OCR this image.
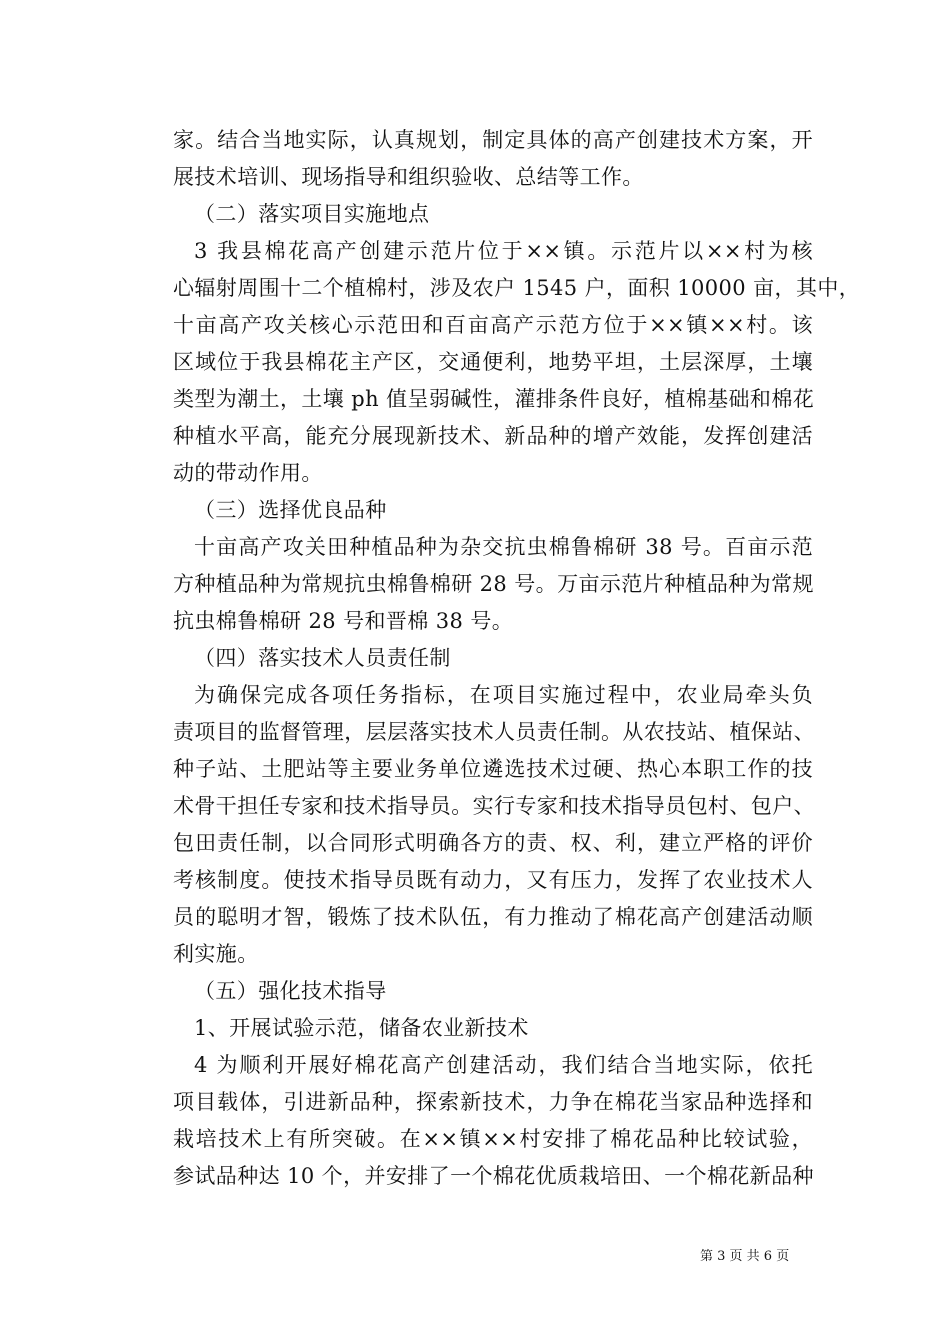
家。结合当地实际，认真规划，制定具体的高产创建技术方案，开
展技术培训、现场指导和组织验收、总结等工作。
（二）落实项目实施地点
3 我县棉花高产创建示范片位于××镇。示范片以××村为核
心辐射周围十二个植棉村，涉及农户 1545 户，面积 10000 亩，其中，
十亩高产攻关核心示范田和百亩高产示范方位于××镇××村。该
区域位于我县棉花主产区，交通便利，地势平坦，土层深厚，土壤
类型为潮土，土壤 ph 值呈弱碱性，灌排条件良好，植棉基础和棉花
种植水平高，能充分展现新技术、新品种的增产效能，发挥创建活
动的带动作用。
（三）选择优良品种
十亩高产攻关田种植品种为杂交抗虫棉鲁棉研 38 号。百亩示范
方种植品种为常规抗虫棉鲁棉研 28 号。万亩示范片种植品种为常规
抗虫棉鲁棉研 28 号和晋棉 38 号。
（四）落实技术人员责任制
为确保完成各项任务指标，在项目实施过程中，农业局牵头负
责项目的监督管理，层层落实技术人员责任制。从农技站、植保站、
种子站、土肥站等主要业务单位遴选技术过硬、热心本职工作的技
术骨干担任专家和技术指导员。实行专家和技术指导员包村、包户、
包田责任制，以合同形式明确各方的责、权、利，建立严格的评价
考核制度。使技术指导员既有动力，又有压力，发挥了农业技术人
员的聪明才智，锻炼了技术队伍，有力推动了棉花高产创建活动顺
利实施。
（五）强化技术指导
1、开展试验示范，储备农业新技术
4 为顺利开展好棉花高产创建活动，我们结合当地实际，依托
项目载体，引进新品种，探索新技术，力争在棉花当家品种选择和
栽培技术上有所突破。在××镇××村安排了棉花品种比较试验，
参试品种达 10 个，并安排了一个棉花优质栽培田、一个棉花新品种
第 3 页 共 6 页
